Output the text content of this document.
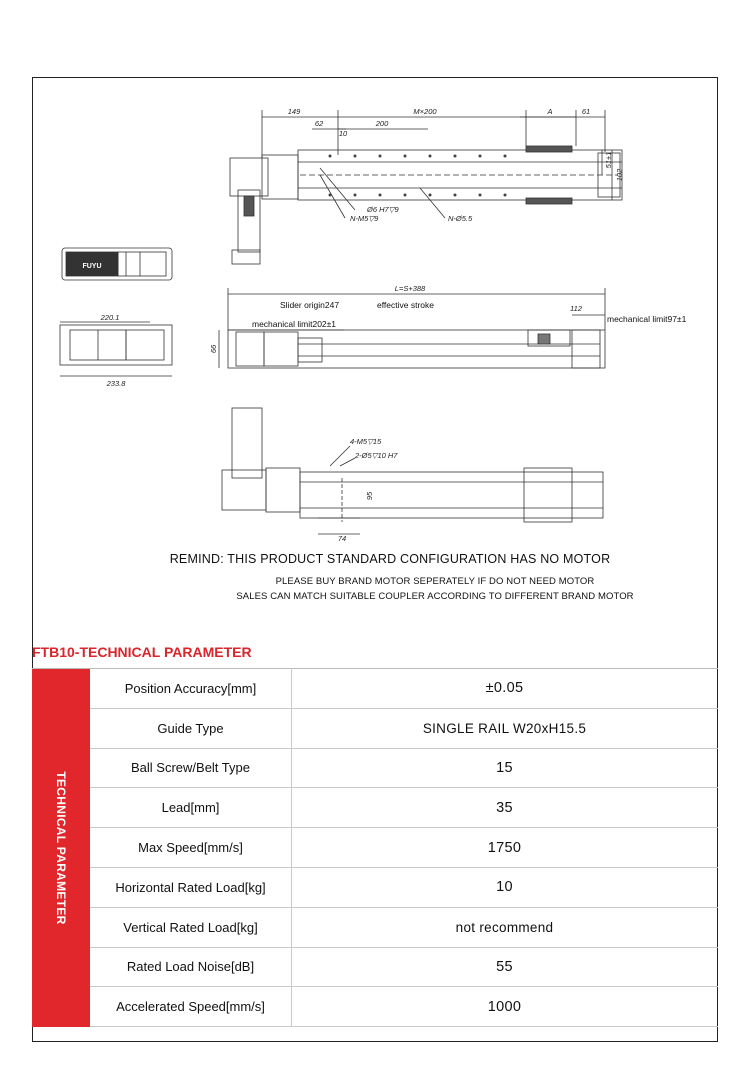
149	M×200	A	61
62
10
200
102
51±1
Ø6 H7▽9
N-M5▽9	N-Ø5.5
L=S+388
112
66
220.1
233.8
4-M5▽15
2-Ø5▽10 H7
95
74
Slider origin247	effective stroke
mechanical limit202±1	mechanical limit97±1
FUYU
REMIND: THIS PRODUCT STANDARD CONFIGURATION HAS NO MOTOR
PLEASE BUY BRAND MOTOR SEPERATELY IF DO NOT NEED MOTOR
SALES CAN MATCH SUITABLE COUPLER ACCORDING TO DIFFERENT BRAND MOTOR
FTB10-TECHNICAL PARAMETER
TECHNICAL PARAMETER
Position Accuracy[mm]	±0.05
Guide Type	SINGLE RAIL W20xH15.5
Ball Screw/Belt Type	15
Lead[mm]	35
Max Speed[mm/s]	1750
Horizontal Rated Load[kg]	10
Vertical Rated Load[kg]	not recommend
Rated Load Noise[dB]	55
Accelerated Speed[mm/s]	1000
